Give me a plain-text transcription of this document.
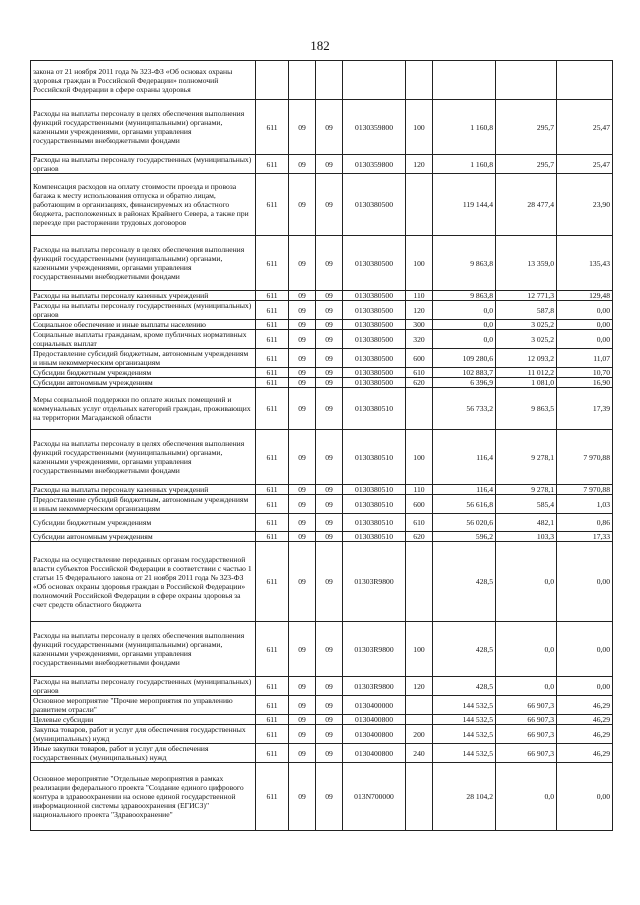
182
закона от 21 ноября 2011 года № 323-ФЗ «Об основах охраны здоровья граждан в Российской Федерации» полномочий Российской Федерации в сфере охраны здоровья								
Расходы на выплаты персоналу в целях обеспечения выполнения функций государственными (муниципальными) органами, казенными учреждениями, органами управления государственными внебюджетными фондами	611	09	09	0130359800	100	1 160,8	295,7	25,47
Расходы на выплаты персоналу государственных (муниципальных) органов	611	09	09	0130359800	120	1 160,8	295,7	25,47
Компенсация расходов на оплату стоимости проезда и провоза багажа к месту использования отпуска и обратно лицам, работающим в организациях, финансируемых из областного бюджета, расположенных в районах Крайнего Севера, а также при переезде при расторжении трудовых договоров	611	09	09	0130380500		119 144,4	28 477,4	23,90
Расходы на выплаты персоналу в целях обеспечения выполнения функций государственными (муниципальными) органами, казенными учреждениями, органами управления государственными внебюджетными фондами	611	09	09	0130380500	100	9 863,8	13 359,0	135,43
Расходы на выплаты персоналу казенных учреждений	611	09	09	0130380500	110	9 863,8	12 771,3	129,48
Расходы на выплаты персоналу государственных (муниципальных) органов	611	09	09	0130380500	120	0,0	587,8	0,00
Социальное обеспечение и иные выплаты населению	611	09	09	0130380500	300	0,0	3 025,2	0,00
Социальные выплаты гражданам, кроме публичных нормативных социальных выплат	611	09	09	0130380500	320	0,0	3 025,2	0,00
Предоставление субсидий бюджетным, автономным учреждениям и иным некоммерческим организациям	611	09	09	0130380500	600	109 280,6	12 093,2	11,07
Субсидии бюджетным учреждениям	611	09	09	0130380500	610	102 883,7	11 012,2	10,70
Субсидии автономным учреждениям	611	09	09	0130380500	620	6 396,9	1 081,0	16,90
Меры социальной поддержки по оплате жилых помещений и коммунальных услуг отдельных категорий граждан, проживающих на территории Магаданской области	611	09	09	0130380510		56 733,2	9 863,5	17,39
Расходы на выплаты персоналу в целях обеспечения выполнения функций государственными (муниципальными) органами, казенными учреждениями, органами управления государственными внебюджетными фондами	611	09	09	0130380510	100	116,4	9 278,1	7 970,88
Расходы на выплаты персоналу казенных учреждений	611	09	09	0130380510	110	116,4	9 278,1	7 970,88
Предоставление субсидий бюджетным, автономным учреждениям и иным некоммерческим организациям	611	09	09	0130380510	600	56 616,8	585,4	1,03
Субсидии бюджетным учреждениям	611	09	09	0130380510	610	56 020,6	482,1	0,86
Субсидии автономным учреждениям	611	09	09	0130380510	620	596,2	103,3	17,33
Расходы на осуществление переданных органам государственной власти субъектов Российской Федерации в соответствии с частью 1 статьи 15 Федерального закона от 21 ноября 2011 года № 323-ФЗ «Об основах охраны здоровья граждан в Российской Федерации» полномочий Российской Федерации в сфере охраны здоровья за счет средств областного бюджета	611	09	09	01303R9800		428,5	0,0	0,00
Расходы на выплаты персоналу в целях обеспечения выполнения функций государственными (муниципальными) органами, казенными учреждениями, органами управления государственными внебюджетными фондами	611	09	09	01303R9800	100	428,5	0,0	0,00
Расходы на выплаты персоналу государственных (муниципальных) органов	611	09	09	01303R9800	120	428,5	0,0	0,00
Основное мероприятие "Прочие мероприятия по управлению развитием отрасли"	611	09	09	0130400000		144 532,5	66 907,3	46,29
Целевые субсидии	611	09	09	0130400800		144 532,5	66 907,3	46,29
Закупка товаров, работ и услуг для обеспечения государственных (муниципальных) нужд	611	09	09	0130400800	200	144 532,5	66 907,3	46,29
Иные закупки товаров, работ и услуг для обеспечения государственных (муниципальных) нужд	611	09	09	0130400800	240	144 532,5	66 907,3	46,29
Основное мероприятие "Отдельные мероприятия в рамках реализации федерального проекта "Создание единого цифрового контура в здравоохранении на основе единой государственной информационной системы здравоохранения (ЕГИСЗ)" национального проекта "Здравоохранение"	611	09	09	013N700000		28 104,2	0,0	0,00
